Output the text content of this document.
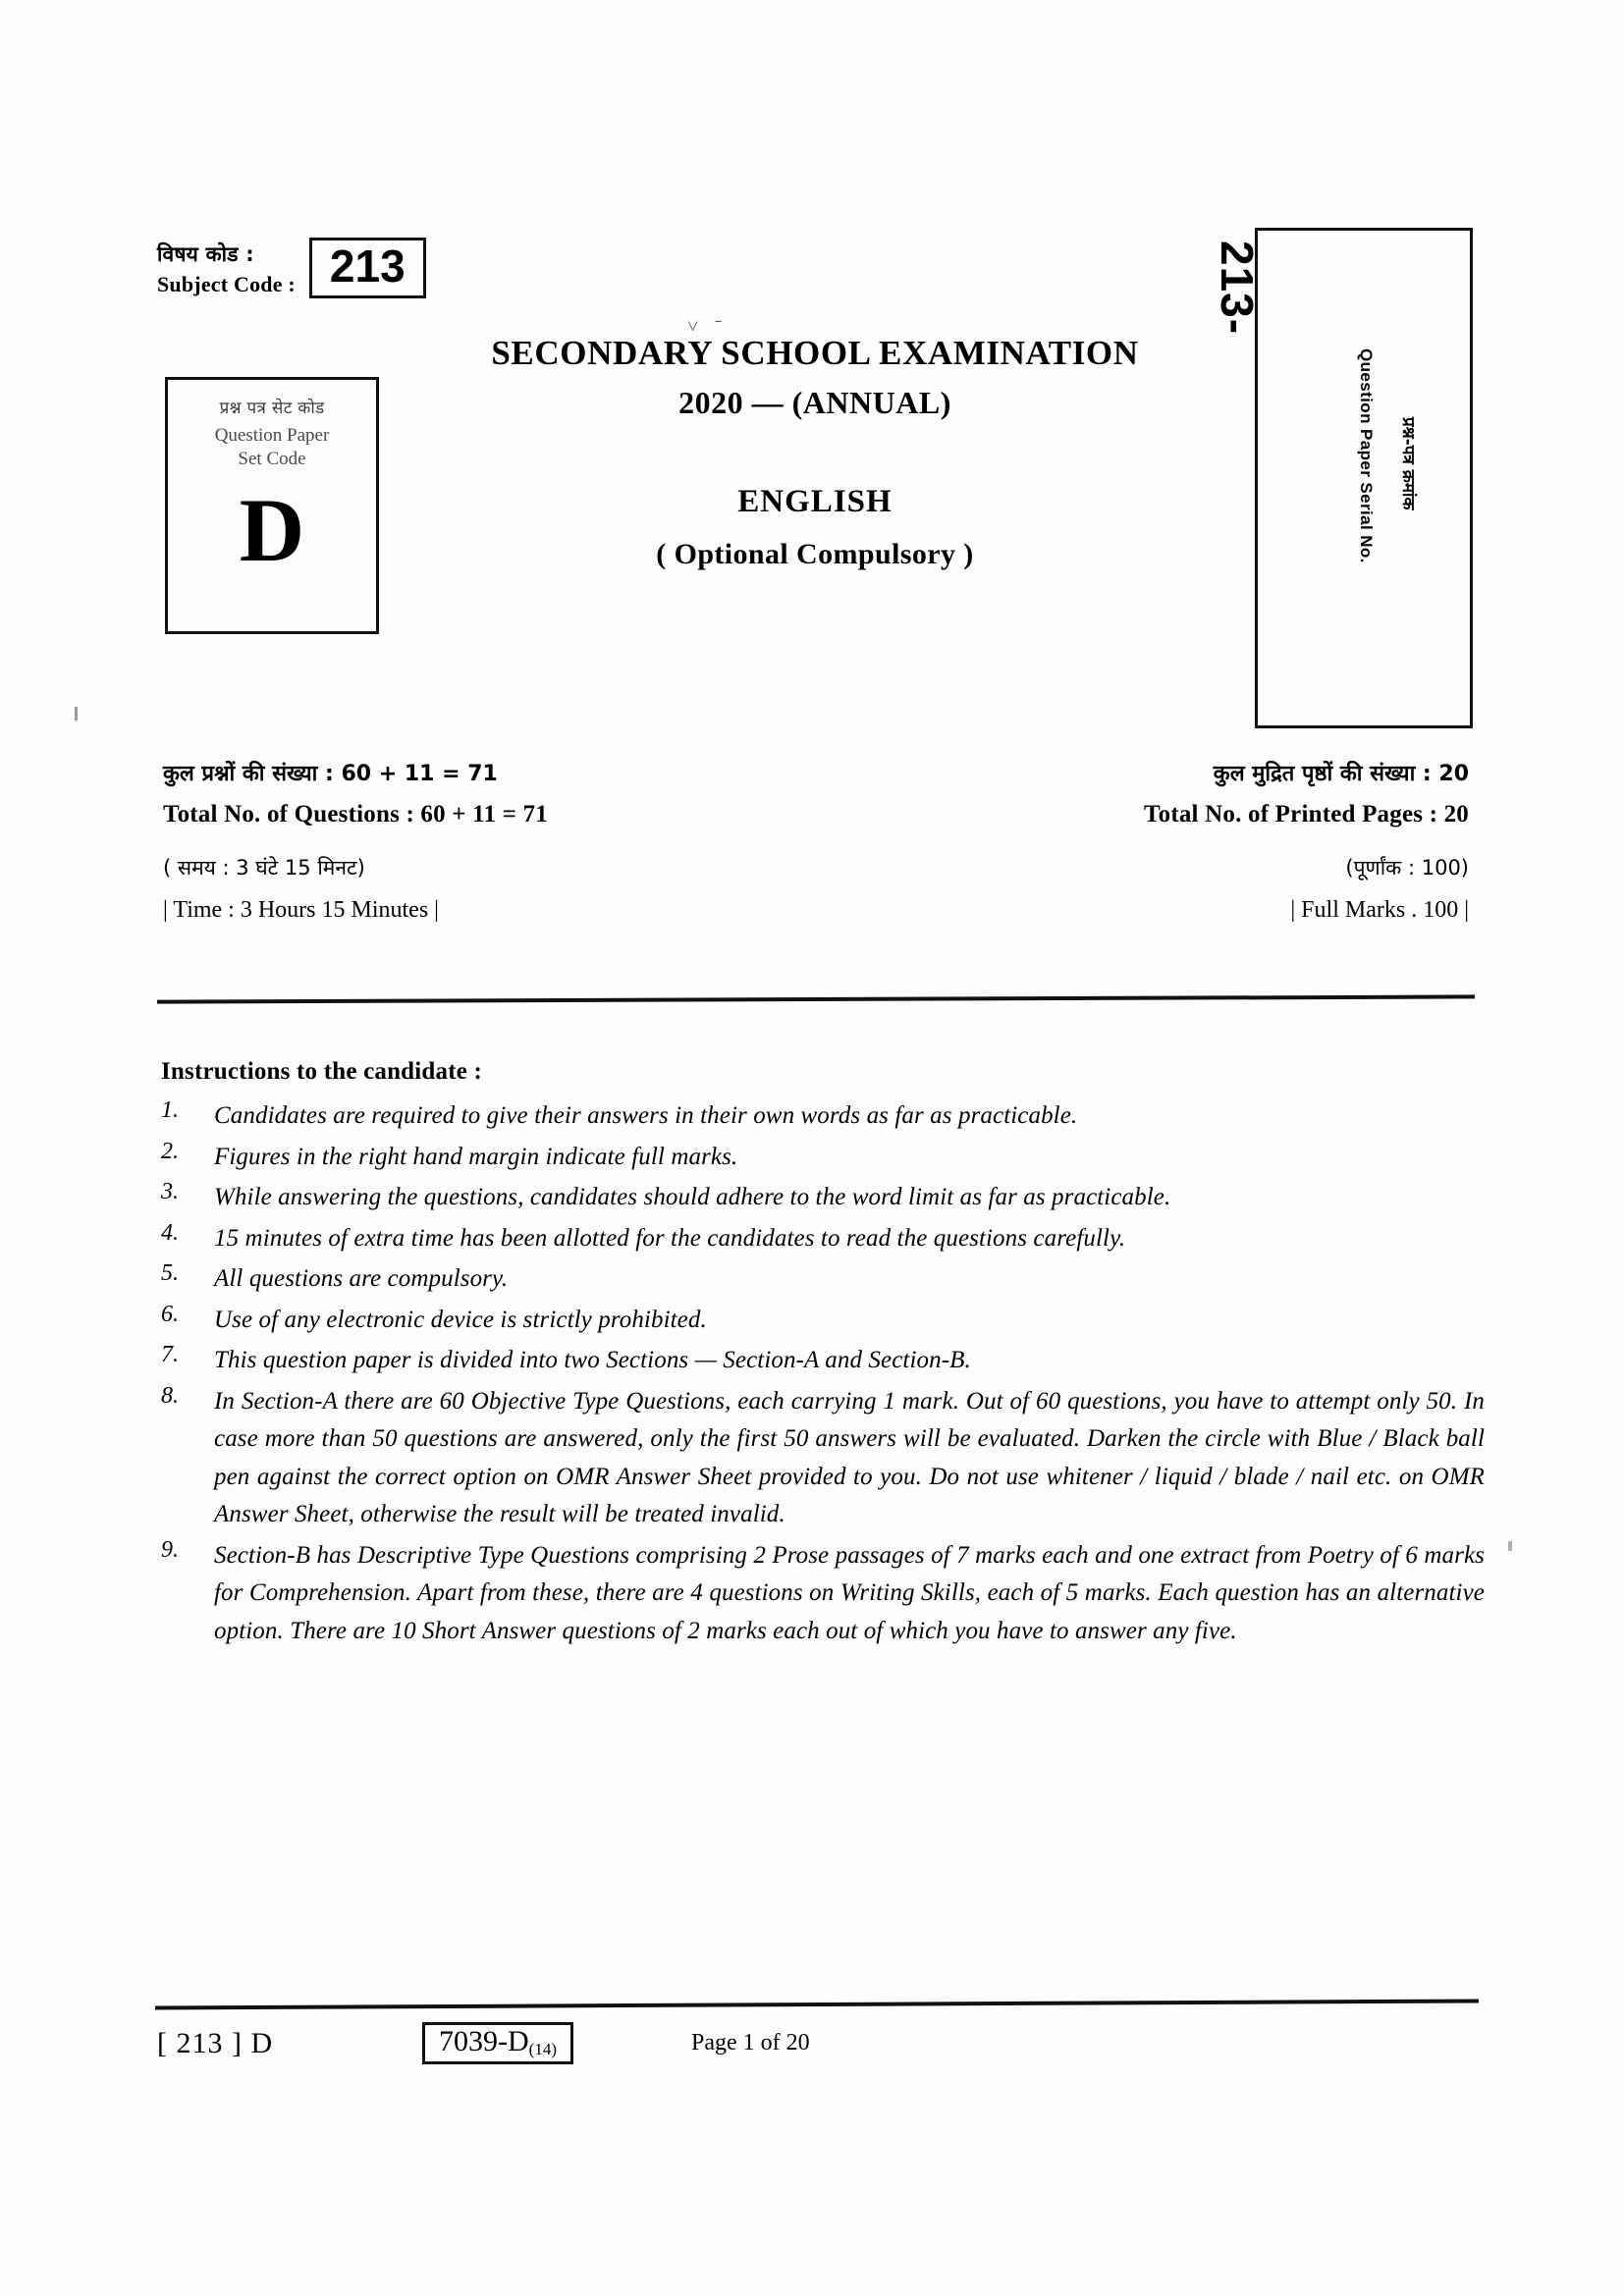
विषय कोड :
Subject Code : 213
प्रश्न पत्र सेट कोड
Question Paper
Set Code
D
SECONDARY SCHOOL EXAMINATION
2020 — (ANNUAL)
ENGLISH
( Optional Compulsory )
˅ ˉ	213-
Question Paper Serial No. प्रश्न-पत्र क्रमांक
कुल प्रश्नों की संख्या : 60 + 11 = 71	कुल मुद्रित पृष्ठों की संख्या : 20
Total No. of Questions : 60 + 11 = 71	Total No. of Printed Pages : 20
( समय : 3 घंटे 15 मिनट)	(पूर्णांक : 100)
| Time : 3 Hours 15 Minutes |	| Full Marks . 100 |
Instructions to the candidate :
1.	Candidates are required to give their answers in their own words as far as practicable.
2.	Figures in the right hand margin indicate full marks.
3.	While answering the questions, candidates should adhere to the word limit as far as practicable.
4.	15 minutes of extra time has been allotted for the candidates to read the questions carefully.
5.	All questions are compulsory.
6.	Use of any electronic device is strictly prohibited.
7.	This question paper is divided into two Sections — Section-A and Section-B.
8.	In Section-A there are 60 Objective Type Questions, each carrying 1 mark. Out of 60 questions, you have to attempt only 50. In case more than 50 questions are answered, only the first 50 answers will be evaluated. Darken the circle with Blue / Black ball pen against the correct option on OMR Answer Sheet provided to you. Do not use whitener / liquid / blade / nail etc. on OMR Answer Sheet, otherwise the result will be treated invalid.
9.	Section-B has Descriptive Type Questions comprising 2 Prose passages of 7 marks each and one extract from Poetry of 6 marks for Comprehension. Apart from these, there are 4 questions on Writing Skills, each of 5 marks. Each question has an alternative option. There are 10 Short Answer questions of 2 marks each out of which you have to answer any five.
[ 213 ] D	$7039-D_{(14)}$	Page 1 of 20
